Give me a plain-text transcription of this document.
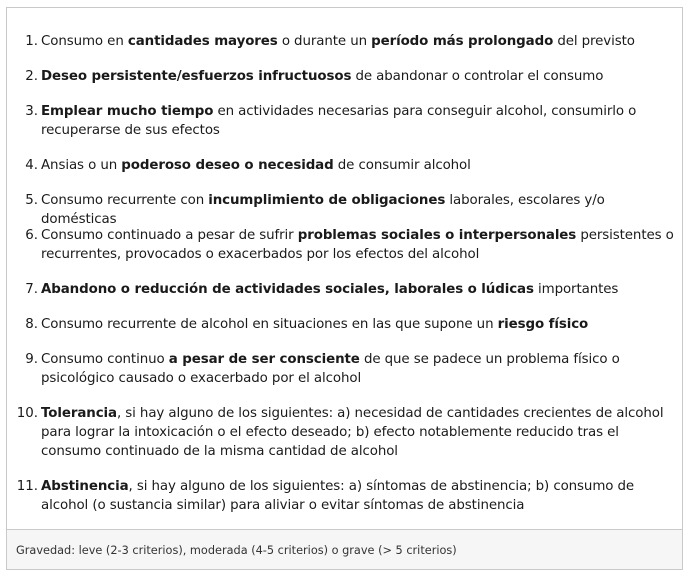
1. Consumo en cantidades mayores o durante un período más prolongado del previsto
2. Deseo persistente/esfuerzos infructuosos de abandonar o controlar el consumo
3. Emplear mucho tiempo en actividades necesarias para conseguir alcohol, consumirlo o recuperarse de sus efectos
4. Ansias o un poderoso deseo o necesidad de consumir alcohol
5. Consumo recurrente con incumplimiento de obligaciones laborales, escolares y/o domésticas
6. Consumo continuado a pesar de sufrir problemas sociales o interpersonales persistentes o recurrentes, provocados o exacerbados por los efectos del alcohol
7. Abandono o reducción de actividades sociales, laborales o lúdicas importantes
8. Consumo recurrente de alcohol en situaciones en las que supone un riesgo físico
9. Consumo continuo a pesar de ser consciente de que se padece un problema físico o psicológico causado o exacerbado por el alcohol
10. Tolerancia, si hay alguno de los siguientes: a) necesidad de cantidades crecientes de alcohol para lograr la intoxicación o el efecto deseado; b) efecto notablemente reducido tras el consumo continuado de la misma cantidad de alcohol
11. Abstinencia, si hay alguno de los siguientes: a) síntomas de abstinencia; b) consumo de alcohol (o sustancia similar) para aliviar o evitar síntomas de abstinencia
Gravedad: leve (2-3 criterios), moderada (4-5 criterios) o grave (> 5 criterios)
